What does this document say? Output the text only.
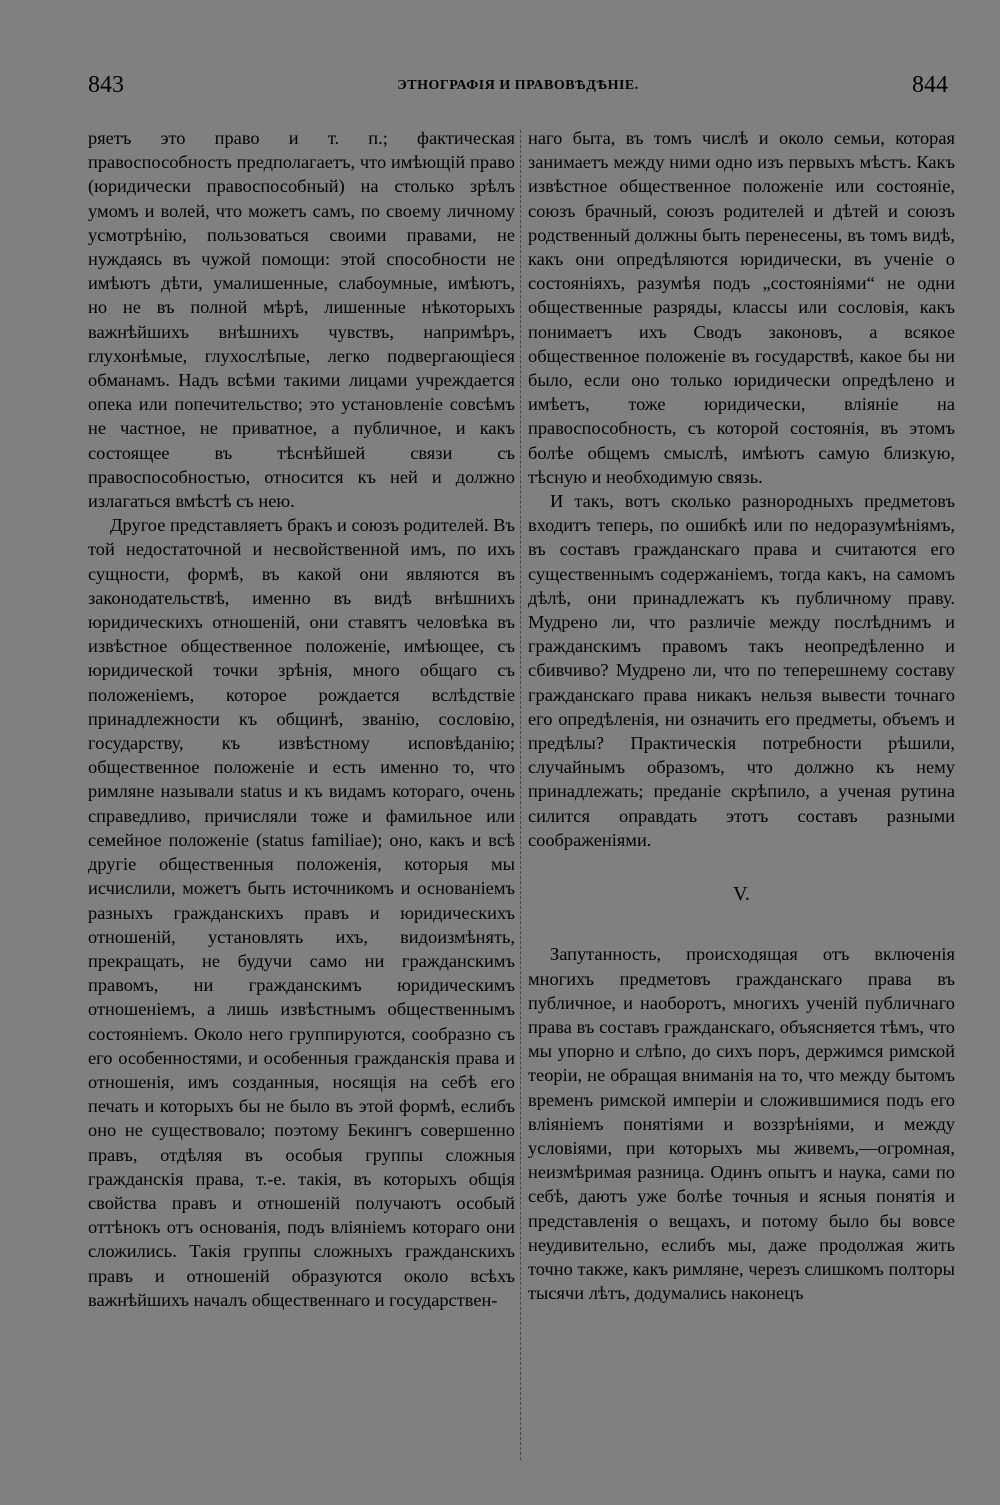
843	ЭТНОГРАФІЯ И ПРАВОВѢДѢНІЕ.	844

ряетъ это право и т. п.; фактическая правоспособность предполагаетъ, что имѣющій право (юридически правоспособный) на столько зрѣлъ умомъ и волей, что можетъ самъ, по своему личному усмотрѣнію, пользоваться своими правами, не нуждаясь въ чужой помощи: этой способности не имѣютъ дѣти, умалишенные, слабоумные, имѣютъ, но не въ полной мѣрѣ, лишенные нѣкоторыхъ важнѣйшихъ внѣшнихъ чувствъ, напримѣръ, глухонѣмые, глухослѣпые, легко подвергающіеся обманамъ. Надъ всѣми такими лицами учреждается опека или попечительство; это установленіе совсѣмъ не частное, не приватное, а публичное, и какъ состоящее въ тѣснѣйшей связи съ правоспособностью, относится къ ней и должно излагаться вмѣстѣ съ нею.

Другое представляетъ бракъ и союзъ родителей. Въ той недостаточной и несвойственной имъ, по ихъ сущности, формѣ, въ какой они являются въ законодательствѣ, именно въ видѣ внѣшнихъ юридическихъ отношеній, они ставятъ человѣка въ извѣстное общественное положеніе, имѣющее, съ юридической точки зрѣнія, много общаго съ положеніемъ, которое рождается вслѣдствіе принадлежности къ общинѣ, званію, сословію, государству, къ извѣстному исповѣданію; общественное положеніе и есть именно то, что римляне называли status и къ видамъ котораго, очень справедливо, причисляли тоже и фамильное или семейное положеніе (status familiae); оно, какъ и всѣ другіе общественныя положенія, которыя мы исчислили, можетъ быть источникомъ и основаніемъ разныхъ гражданскихъ правъ и юридическихъ отношеній, установлять ихъ, видоизмѣнять, прекращать, не будучи само ни гражданскимъ правомъ, ни гражданскимъ юридическимъ отношеніемъ, а лишь извѣстнымъ общественнымъ состояніемъ. Около него группируются, сообразно съ его особенностями, и особенныя гражданскія права и отношенія, имъ созданныя, носящія на себѣ его печать и которыхъ бы не было въ этой формѣ, еслибъ оно не существовало; поэтому Бекингъ совершенно правъ, отдѣляя въ особыя группы сложныя гражданскія права, т.-е. такія, въ которыхъ общія свойства правъ и отношеній получаютъ особый оттѣнокъ отъ основанія, подъ вліяніемъ котораго они сложились. Такія группы сложныхъ гражданскихъ правъ и отношеній образуются около всѣхъ важнѣйшихъ началъ общественнаго и государствен-

наго быта, въ томъ числѣ и около семьи, которая занимаетъ между ними одно изъ первыхъ мѣстъ. Какъ извѣстное общественное положеніе или состояніе, союзъ брачный, союзъ родителей и дѣтей и союзъ родственный должны быть перенесены, въ томъ видѣ, какъ они опредѣляются юридически, въ ученіе о состояніяхъ, разумѣя подъ „состояніями“ не одни общественные разряды, классы или сословія, какъ понимаетъ ихъ Сводъ законовъ, а всякое общественное положеніе въ государствѣ, какое бы ни было, если оно только юридически опредѣлено и имѣетъ, тоже юридически, вліяніе на правоспособность, съ которой состоянія, въ этомъ болѣе общемъ смыслѣ, имѣютъ самую близкую, тѣсную и необходимую связь.

И такъ, вотъ сколько разнородныхъ предметовъ входитъ теперь, по ошибкѣ или по недоразумѣніямъ, въ составъ гражданскаго права и считаются его существеннымъ содержаніемъ, тогда какъ, на самомъ дѣлѣ, они принадлежатъ къ публичному праву. Мудрено ли, что различіе между послѣднимъ и гражданскимъ правомъ такъ неопредѣленно и сбивчиво? Мудрено ли, что по теперешнему составу гражданскаго права никакъ нельзя вывести точнаго его опредѣленія, ни означить его предметы, объемъ и предѣлы? Практическія потребности рѣшили, случайнымъ образомъ, что должно къ нему принадлежать; преданіе скрѣпило, а ученая рутина силится оправдать этотъ составъ разными соображеніями.

V.

Запутанность, происходящая отъ включенія многихъ предметовъ гражданскаго права въ публичное, и наоборотъ, многихъ ученій публичнаго права въ составъ гражданскаго, объясняется тѣмъ, что мы упорно и слѣпо, до сихъ поръ, держимся римской теоріи, не обращая вниманія на то, что между бытомъ временъ римской имперіи и сложившимися подъ его вліяніемъ понятіями и воззрѣніями, и между условіями, при которыхъ мы живемъ,—огромная, неизмѣримая разница. Одинъ опытъ и наука, сами по себѣ, даютъ уже болѣе точныя и ясныя понятія и представленія о вещахъ, и потому было бы вовсе неудивительно, еслибъ мы, даже продолжая жить точно также, какъ римляне, черезъ слишкомъ полторы тысячи лѣтъ, додумались наконецъ
